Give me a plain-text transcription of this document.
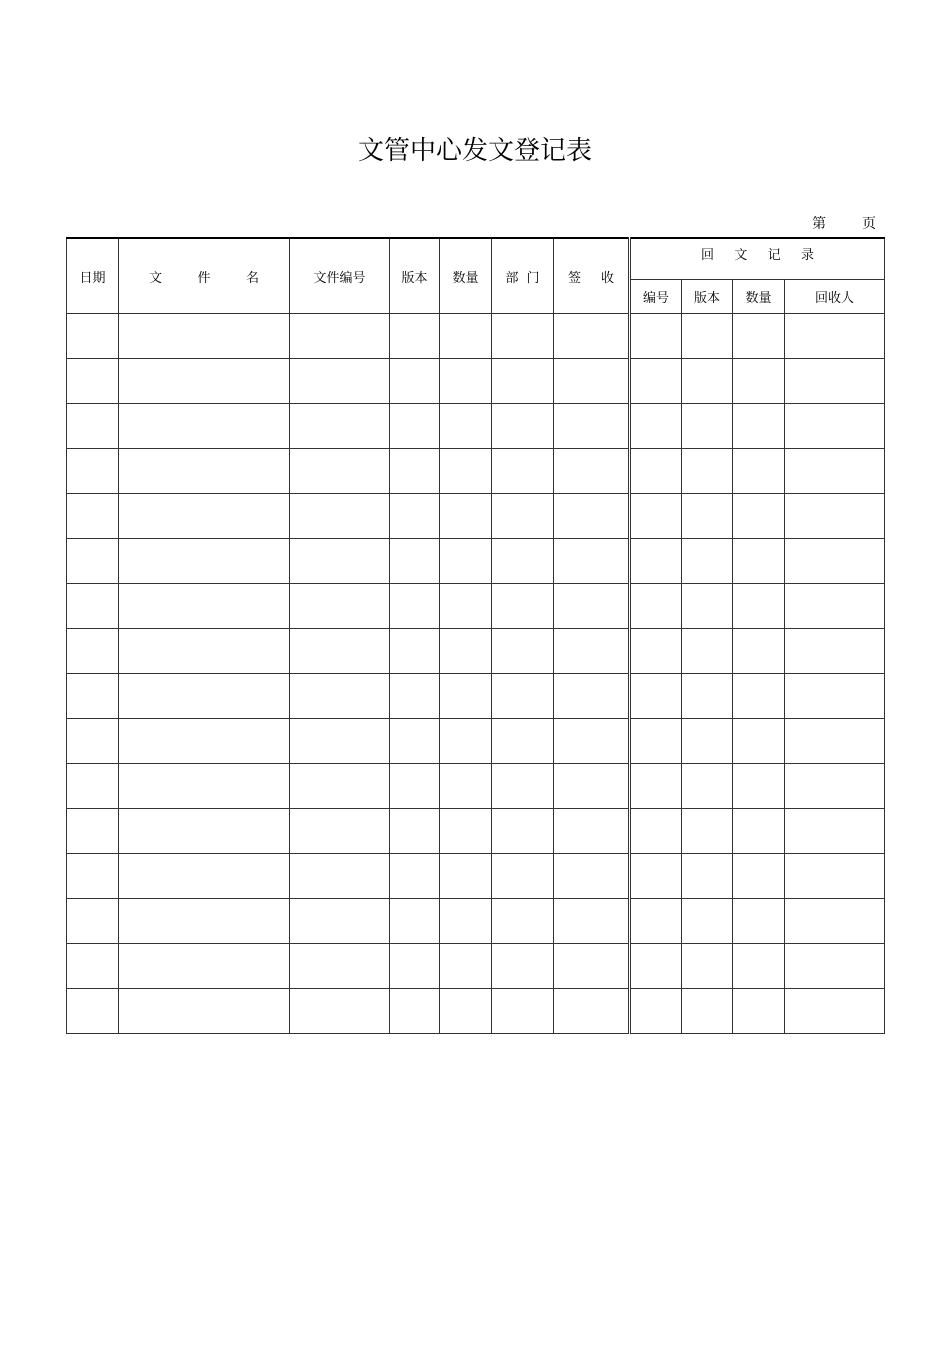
文管中心发文登记表
第	页
日期	文 件 名	文件编号	版本	数量	部 门	签 收	回 文 记 录			

							编号	版本	数量	回收人
